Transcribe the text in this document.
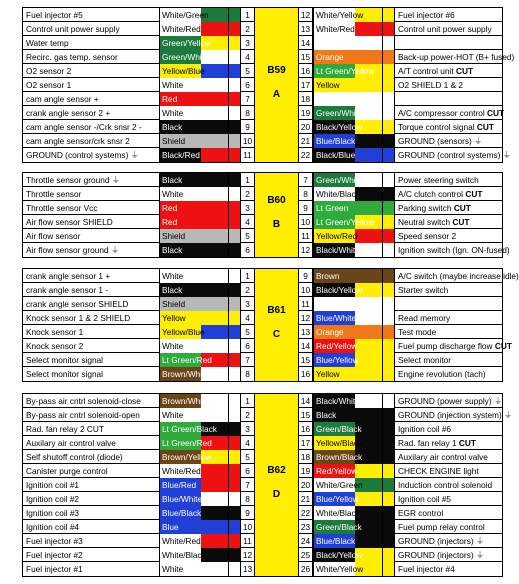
Fuel injector #5	White/Green	1	12 White/Yellow	Fuel injector #6
Control unit power supply	White/Red	2	13 White/Red	Control unit power supply
Water temp	Green/Yellow	3	14
Recirc. gas temp. sensor	Green/White	4	15 Orange	Back-up power-HOT (B+ fused)
O2 sensor 2	Yellow/Blue	5	16 Lt Green/Yellow	A/T control unit CUT
O2 sensor 1	White	6	17 Yellow	O2 SHIELD 1 & 2
cam angle sensor +	Red	7	18
crank angle sensor 2 +	White	8	19 Green/White	A/C compressor control CUT
cam angle sensor -/Crk snsr 2 -	Black	9	20 Black/Yellow	Torque control signal CUT
cam angle sensor/crk snsr 2	Shield	10	21 Blue/Black	GROUND (sensors) ⏚
GROUND (control systems) ⏚	Black/Red	11	22 Black/Blue	GROUND (control systems) ⏚
B59
A
Throttle sensor ground ⏚	Black	1	7 Green/White	Power steering switch
Throttle sensor	White	2	8 White/Black	A/C clutch control CUT
Throttle sensor Vcc	Red	3	9 Lt Green	Parking switch CUT
Air flow sensor SHIELD	Red	4	10 Lt Green/Yellow	Neutral switch CUT
Air flow sensor	Shield	5	11 Yellow/Red	Speed sensor 2
Air flow sensor ground ⏚	Black	6	12 Black/White	Ignition switch (Ign. ON-fused)
B60
B
crank angle sensor 1 +	White	1	9 Brown	A/C switch (maybe increase idle)
crank angle sensor 1 -	Black	2	10 Black/Yellow	Starter switch
crank angle sensor SHIELD	Shield	3	11
Knock sensor 1 & 2 SHIELD	Yellow	4	12 Blue/White	Read memory
Knock sensor 1	Yellow/Blue	5	13 Orange	Test mode
Knock sensor 2	White	6	14 Red/Yellow	Fuel pump discharge flow CUT
Select monitor signal	Lt Green/Red	7	15 Blue/Yellow	Select monitor
Select monitor signal	Brown/White	8	16 Yellow	Engine revolution (tach)
B61
C
By-pass air cntrl solenoid-close	Brown/White	1	14 Black/White	GROUND (power supply) ⏚
By-pass air cntrl solenoid-open	White	2	15 Black	GROUND (injection system) ⏚
Rad. fan relay 2 CUT	Lt Green/Black	3	16 Green/Black	Ignition coil #6
Auxilary air control valve	Lt Green/Red	4	17 Yellow/Black	Rad. fan relay 1 CUT
Self shutoff control (diode)	Brown/Yellow	5	18 Brown/Black	Auxilary air control valve
Canister purge control	White/Red	6	19 Red/Yellow	CHECK ENGINE light
Ignition coil #1	Blue/Red	7	20 White/Green	Induction control solenoid
Ignition coil #2	Blue/White	8	21 Blue/Yellow	Ignition coil #5
Ignition coil #3	Blue/Black	9	22 White/Black	EGR control
Ignition coil #4	Blue	10	23 Green/Black	Fuel pump relay control
Fuel injector #3	White/Red	11	24 Blue/Black	GROUND (injectors) ⏚
Fuel injector #2	White/Black	12	25 Black/Yellow	GROUND (injectors) ⏚
Fuel injector #1	White	13	26 White/Yellow	Fuel injector #4
B62
D
